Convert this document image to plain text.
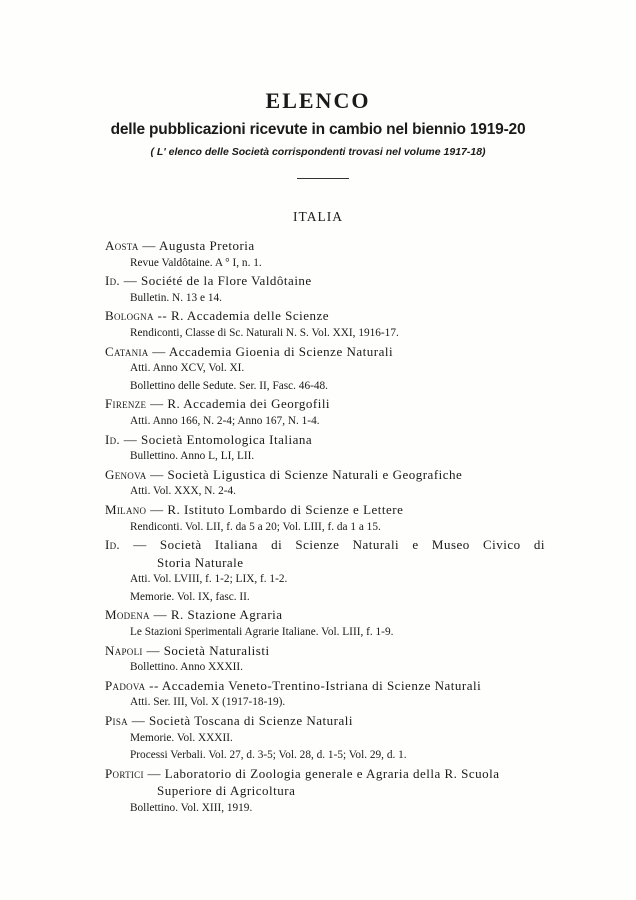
ELENCO
delle pubblicazioni ricevute in cambio nel biennio 1919-20
( L' elenco delle Società corrispondenti trovasi nel volume 1917-18)
ITALIA
Aosta — Augusta Pretoria
Revue Valdôtaine. A ° I, n. 1.
Id. — Société de la Flore Valdôtaine
Bulletin. N. 13 e 14.
Bologna -- R. Accademia delle Scienze
Rendiconti, Classe di Sc. Naturali N. S. Vol. XXI, 1916-17.
Catania — Accademia Gioenia di Scienze Naturali
Atti. Anno XCV, Vol. XI.
Bollettino delle Sedute. Ser. II, Fasc. 46-48.
Firenze — R. Accademia dei Georgofili
Atti. Anno 166, N. 2-4; Anno 167, N. 1-4.
Id. — Società Entomologica Italiana
Bullettino. Anno L, LI, LII.
Genova — Società Ligustica di Scienze Naturali e Geografiche
Atti. Vol. XXX, N. 2-4.
Milano — R. Istituto Lombardo di Scienze e Lettere
Rendiconti. Vol. LII, f. da 5 a 20; Vol. LIII, f. da 1 a 15.
Id. — Società Italiana di Scienze Naturali e Museo Civico di
Storia Naturale
Atti. Vol. LVIII, f. 1-2; LIX, f. 1-2.
Memorie. Vol. IX, fasc. II.
Modena — R. Stazione Agraria
Le Stazioni Sperimentali Agrarie Italiane. Vol. LIII, f. 1-9.
Napoli — Società Naturalisti
Bollettino. Anno XXXII.
Padova -- Accademia Veneto-Trentino-Istriana di Scienze Naturali
Atti. Ser. III, Vol. X (1917-18-19).
Pisa — Società Toscana di Scienze Naturali
Memorie. Vol. XXXII.
Processi Verbali. Vol. 27, d. 3-5; Vol. 28, d. 1-5; Vol. 29, d. 1.
Portici — Laboratorio di Zoologia generale e Agraria della R. Scuola
Superiore di Agricoltura
Bollettino. Vol. XIII, 1919.
